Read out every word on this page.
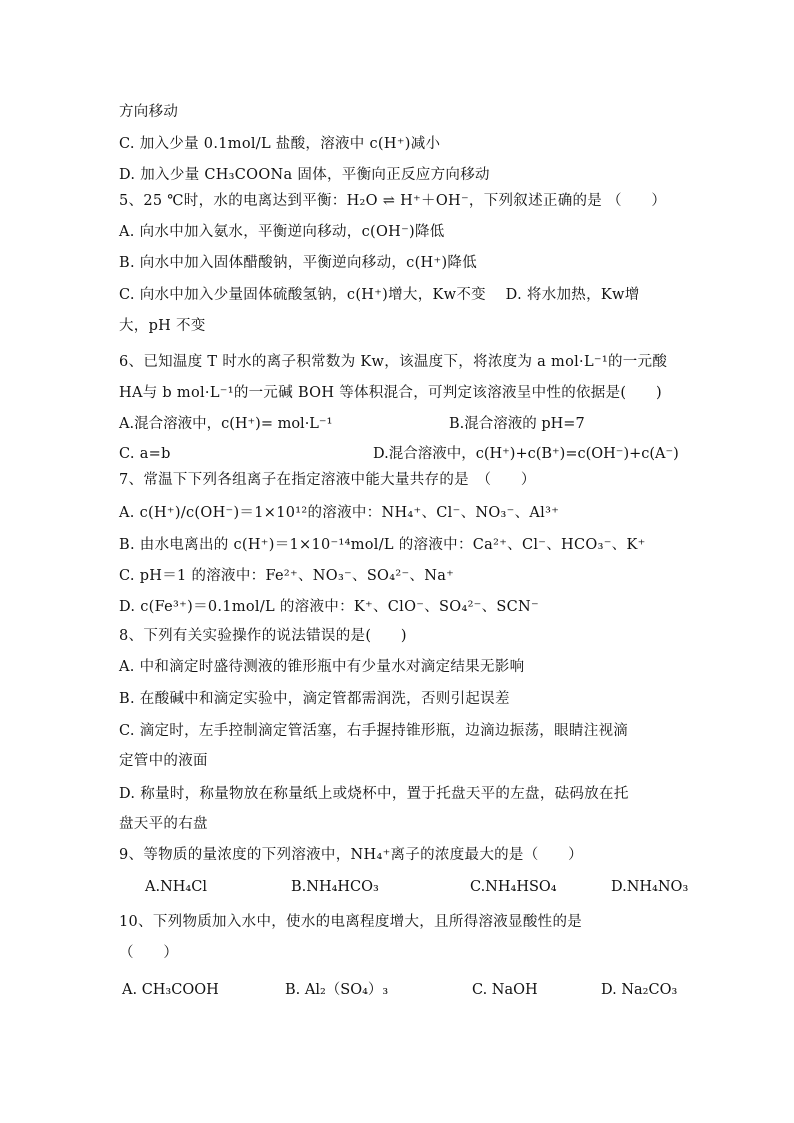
方向移动
C. 加入少量 0.1mol/L 盐酸，溶液中 c(H⁺)减小
D. 加入少量 CH₃COONa 固体，平衡向正反应方向移动
5、25 ℃时，水的电离达到平衡：H₂O ⇌ H⁺＋OH⁻，下列叙述正确的是 （　　）
A. 向水中加入氨水，平衡逆向移动，c(OH⁻)降低
B. 向水中加入固体醋酸钠，平衡逆向移动，c(H⁺)降低
C. 向水中加入少量固体硫酸氢钠，c(H⁺)增大，Kw不变　 D. 将水加热，Kw增
大，pH 不变
6、已知温度 T 时水的离子积常数为 Kw，该温度下，将浓度为 a mol·L⁻¹的一元酸
HA与 b mol·L⁻¹的一元碱 BOH 等体积混合，可判定该溶液呈中性的依据是(　　)
A.混合溶液中，c(H⁺)= mol·L⁻¹	B.混合溶液的 pH=7
C. a=b	D.混合溶液中，c(H⁺)+c(B⁺)=c(OH⁻)+c(A⁻)
7、常温下下列各组离子在指定溶液中能大量共存的是　（　　）
A. c(H⁺)/c(OH⁻)＝1×10¹²的溶液中：NH₄⁺、Cl⁻、NO₃⁻、Al³⁺
B. 由水电离出的 c(H⁺)＝1×10⁻¹⁴mol/L 的溶液中：Ca²⁺、Cl⁻、HCO₃⁻、K⁺
C. pH＝1 的溶液中：Fe²⁺、NO₃⁻、SO₄²⁻、Na⁺
D. c(Fe³⁺)＝0.1mol/L 的溶液中：K⁺、ClO⁻、SO₄²⁻、SCN⁻
8、下列有关实验操作的说法错误的是(　　)
A. 中和滴定时盛待测液的锥形瓶中有少量水对滴定结果无影响
B. 在酸碱中和滴定实验中，滴定管都需润洗，否则引起误差
C. 滴定时，左手控制滴定管活塞，右手握持锥形瓶，边滴边振荡，眼睛注视滴
定管中的液面
D. 称量时，称量物放在称量纸上或烧杯中，置于托盘天平的左盘，砝码放在托
盘天平的右盘
9、等物质的量浓度的下列溶液中，NH₄⁺离子的浓度最大的是（　　）
A.NH₄Cl	B.NH₄HCO₃	C.NH₄HSO₄	D.NH₄NO₃
10、下列物质加入水中，使水的电离程度增大，且所得溶液显酸性的是
（　　）
A. CH₃COOH	B. Al₂（SO₄）₃	C. NaOH	D. Na₂CO₃
